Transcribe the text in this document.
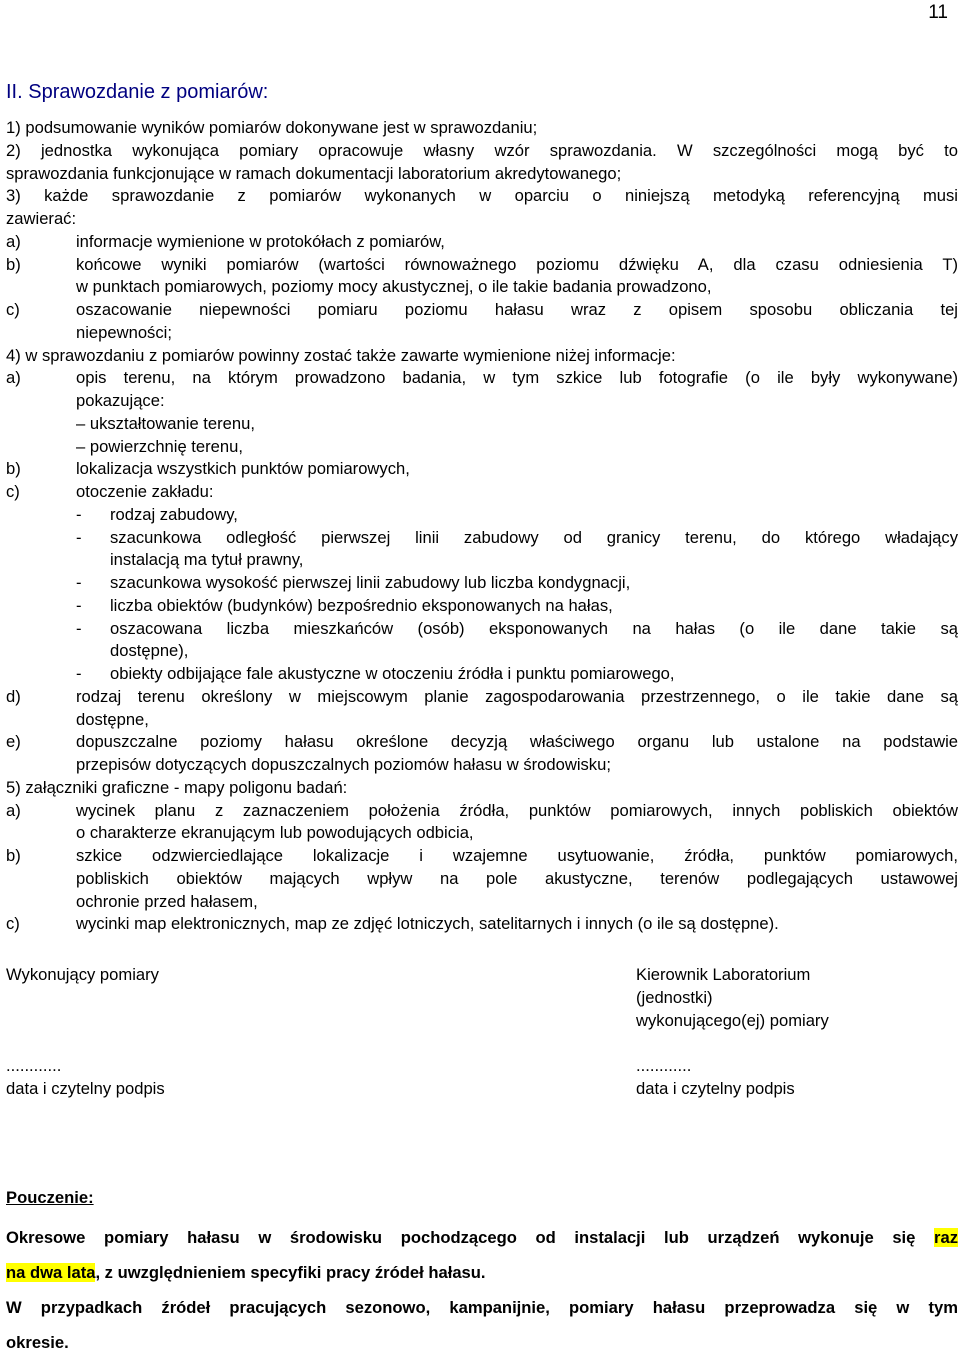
11
II. Sprawozdanie z pomiarów:

1) podsumowanie wyników pomiarów dokonywane jest w sprawozdaniu;

2) jednostka wykonująca pomiary opracowuje własny wzór sprawozdania. W szczególności mogą być to

sprawozdania funkcjonujące w ramach dokumentacji laboratorium akredytowanego;

3) każde sprawozdanie z pomiarów wykonanych w oparciu o niniejszą metodyką referencyjną musi

zawierać:

a)	informacje wymienione w protokółach z pomiarów,
b)	końcowe wyniki pomiarów (wartości równoważnego poziomu dźwięku A, dla czasu odniesienia T)
w punktach pomiarowych, poziomy mocy akustycznej, o ile takie badania prowadzono,
c)	oszacowanie niepewności pomiaru poziomu hałasu wraz z opisem sposobu obliczania tej
niepewności;

4) w sprawozdaniu z pomiarów powinny zostać także zawarte wymienione niżej informacje:

a)	opis terenu, na którym prowadzono badania, w tym szkice lub fotografie (o ile były wykonywane)
pokazujące:
– ukształtowanie terenu,
– powierzchnię terenu,
b)	lokalizacja wszystkich punktów pomiarowych,
c)	otoczenie zakładu:
-	rodzaj zabudowy,
-	szacunkowa odległość pierwszej linii zabudowy od granicy terenu, do którego władający
instalacją ma tytuł prawny,
-	szacunkowa wysokość pierwszej linii zabudowy lub liczba kondygnacji,
-	liczba obiektów (budynków) bezpośrednio eksponowanych na hałas,
-	oszacowana liczba mieszkańców (osób) eksponowanych na hałas (o ile dane takie są
dostępne),
-	obiekty odbijające fale akustyczne w otoczeniu źródła i punktu pomiarowego,
d)	rodzaj terenu określony w miejscowym planie zagospodarowania przestrzennego, o ile takie dane są
dostępne,
e)	dopuszczalne poziomy hałasu określone decyzją właściwego organu lub ustalone na podstawie
przepisów dotyczących dopuszczalnych poziomów hałasu w środowisku;

5) załączniki graficzne - mapy poligonu badań:

a)	wycinek planu z zaznaczeniem położenia źródła, punktów pomiarowych, innych pobliskich obiektów
o charakterze ekranującym lub powodujących odbicia,
b)	szkice odzwierciedlające lokalizacje i wzajemne usytuowanie, źródła, punktów pomiarowych,
pobliskich obiektów mających wpływ na pole akustyczne, terenów podlegających ustawowej
ochronie przed hałasem,
c)	wycinki map elektronicznych, map ze zdjęć lotniczych, satelitarnych i innych (o ile są dostępne).
Wykonujący pomiary
............
data i czytelny podpis
Kierownik Laboratorium
(jednostki)
wykonującego(ej) pomiary
............
data i czytelny podpis
Pouczenie:

Okresowe pomiary hałasu w środowisku pochodzącego od instalacji lub urządzeń wykonuje się raz

na dwa lata, z uwzględnieniem specyfiki pracy źródeł hałasu.

W przypadkach źródeł pracujących sezonowo, kampanijnie, pomiary hałasu przeprowadza się w tym

okresie.
